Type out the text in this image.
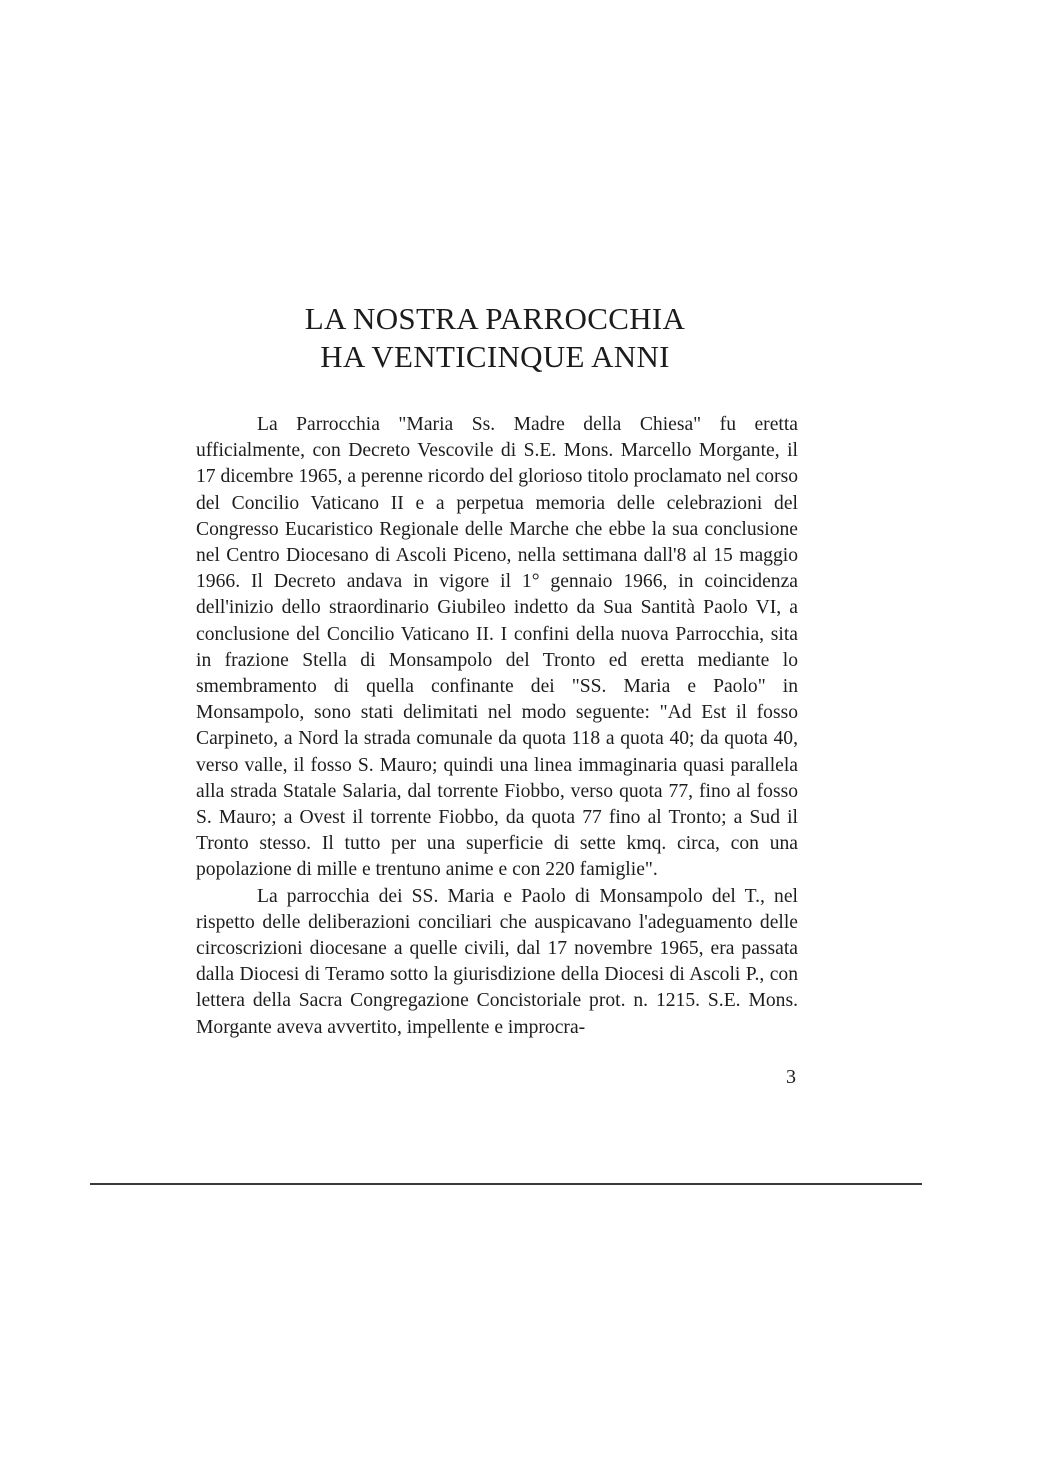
LA NOSTRA PARROCCHIA
HA VENTICINQUE ANNI

La Parrocchia "Maria Ss. Madre della Chiesa" fu eretta ufficialmente, con Decreto Vescovile di S.E. Mons. Marcello Morgante, il 17 dicembre 1965, a perenne ricordo del glorioso titolo proclamato nel corso del Concilio Vaticano II e a perpetua memoria delle celebrazioni del Congresso Eucaristico Regionale delle Marche che ebbe la sua conclusione nel Centro Diocesano di Ascoli Piceno, nella settimana dall'8 al 15 maggio 1966. Il Decreto andava in vigore il 1° gennaio 1966, in coincidenza dell'inizio dello straordinario Giubileo indetto da Sua Santità Paolo VI, a conclusione del Concilio Vaticano II. I confini della nuova Parrocchia, sita in frazione Stella di Monsampolo del Tronto ed eretta mediante lo smembramento di quella confinante dei "SS. Maria e Paolo" in Monsampolo, sono stati delimitati nel modo seguente: "Ad Est il fosso Carpineto, a Nord la strada comunale da quota 118 a quota 40; da quota 40, verso valle, il fosso S. Mauro; quindi una linea immaginaria quasi parallela alla strada Statale Salaria, dal torrente Fiobbo, verso quota 77, fino al fosso S. Mauro; a Ovest il torrente Fiobbo, da quota 77 fino al Tronto; a Sud il Tronto stesso. Il tutto per una superficie di sette kmq. circa, con una popolazione di mille e trentuno anime e con 220 famiglie".

La parrocchia dei SS. Maria e Paolo di Monsampolo del T., nel rispetto delle deliberazioni conciliari che auspicavano l'adeguamento delle circoscrizioni diocesane a quelle civili, dal 17 novembre 1965, era passata dalla Diocesi di Teramo sotto la giurisdizione della Diocesi di Ascoli P., con lettera della Sacra Congregazione Concistoriale prot. n. 1215. S.E. Mons. Morgante aveva avvertito, impellente e improcra-

3
